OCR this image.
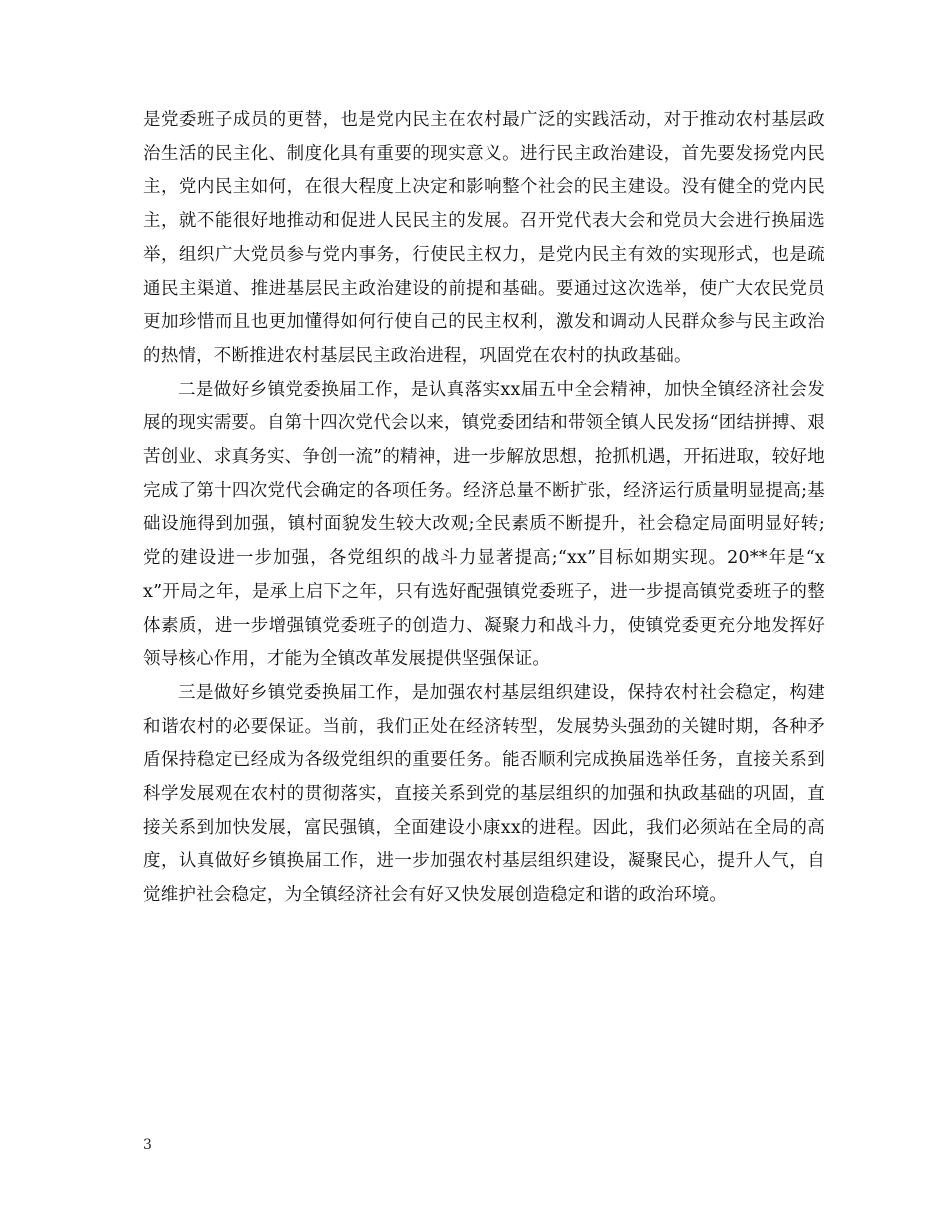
是党委班子成员的更替，也是党内民主在农村最广泛的实践活动，对于推动农村基层政治生活的民主化、制度化具有重要的现实意义。进行民主政治建设，首先要发扬党内民主，党内民主如何，在很大程度上决定和影响整个社会的民主建设。没有健全的党内民主，就不能很好地推动和促进人民民主的发展。召开党代表大会和党员大会进行换届选举，组织广大党员参与党内事务，行使民主权力，是党内民主有效的实现形式，也是疏通民主渠道、推进基层民主政治建设的前提和基础。要通过这次选举，使广大农民党员更加珍惜而且也更加懂得如何行使自己的民主权利，激发和调动人民群众参与民主政治的热情，不断推进农村基层民主政治进程，巩固党在农村的执政基础。

二是做好乡镇党委换届工作，是认真落实xx届五中全会精神，加快全镇经济社会发展的现实需要。自第十四次党代会以来，镇党委团结和带领全镇人民发扬“团结拼搏、艰苦创业、求真务实、争创一流”的精神，进一步解放思想，抢抓机遇，开拓进取，较好地完成了第十四次党代会确定的各项任务。经济总量不断扩张，经济运行质量明显提高;基础设施得到加强，镇村面貌发生较大改观;全民素质不断提升，社会稳定局面明显好转;党的建设进一步加强，各党组织的战斗力显著提高;“xx”目标如期实现。20**年是“xx”开局之年，是承上启下之年，只有选好配强镇党委班子，进一步提高镇党委班子的整体素质，进一步增强镇党委班子的创造力、凝聚力和战斗力，使镇党委更充分地发挥好领导核心作用，才能为全镇改革发展提供坚强保证。

三是做好乡镇党委换届工作，是加强农村基层组织建设，保持农村社会稳定，构建和谐农村的必要保证。当前，我们正处在经济转型，发展势头强劲的关键时期，各种矛盾保持稳定已经成为各级党组织的重要任务。能否顺利完成换届选举任务，直接关系到科学发展观在农村的贯彻落实，直接关系到党的基层组织的加强和执政基础的巩固，直接关系到加快发展，富民强镇，全面建设小康xx的进程。因此，我们必须站在全局的高度，认真做好乡镇换届工作，进一步加强农村基层组织建设，凝聚民心，提升人气，自觉维护社会稳定，为全镇经济社会有好又快发展创造稳定和谐的政治环境。

3
